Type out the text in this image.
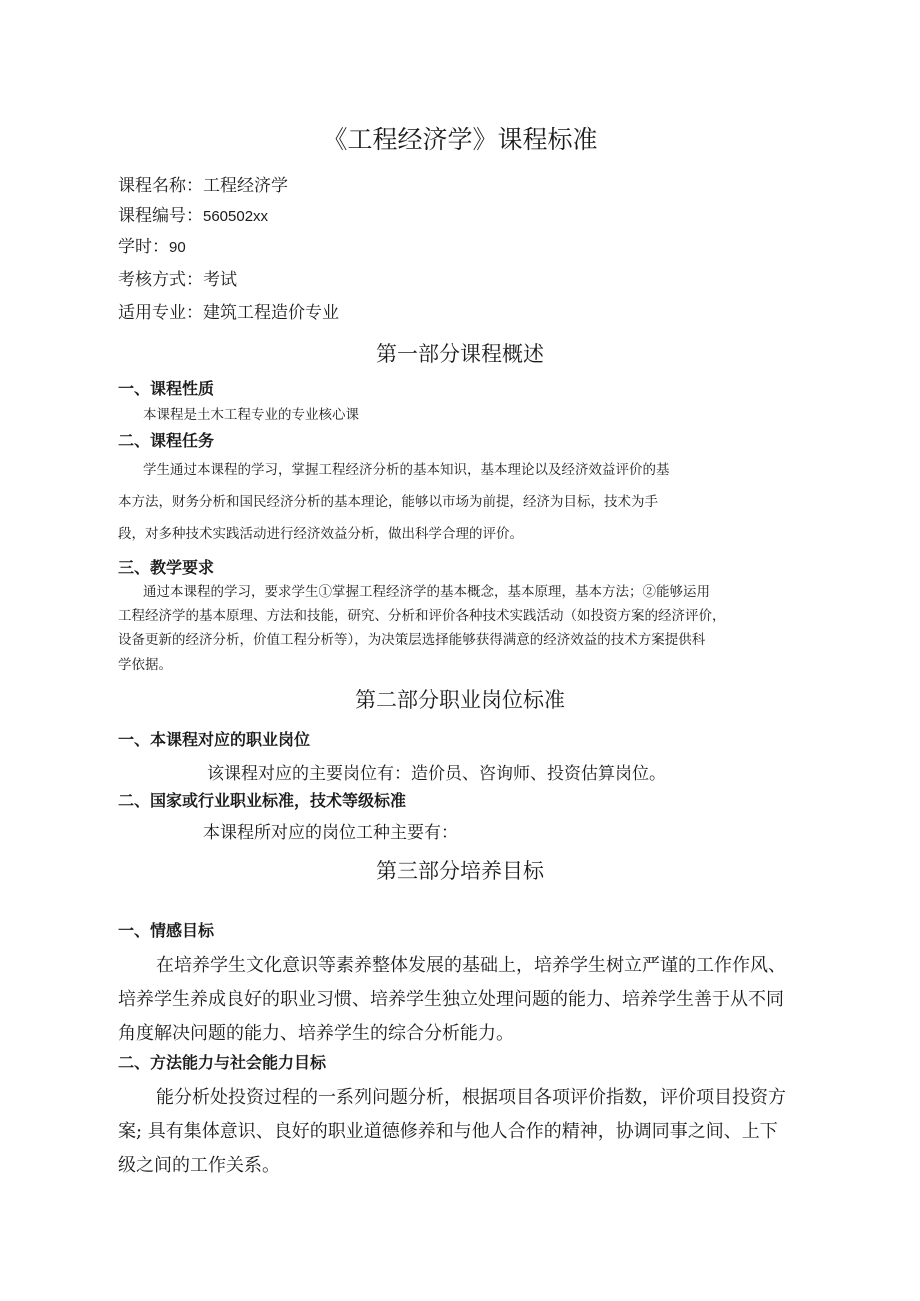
《工程经济学》课程标准
课程名称：工程经济学
课程编号：560502xx
学时：90
考核方式：考试
适用专业：建筑工程造价专业
第一部分课程概述
一、课程性质
本课程是土木工程专业的专业核心课
二、课程任务
学生通过本课程的学习，掌握工程经济分析的基本知识，基本理论以及经济效益评价的基
本方法，财务分析和国民经济分析的基本理论，能够以市场为前提，经济为目标，技术为手
段，对多种技术实践活动进行经济效益分析，做出科学合理的评价。
三、教学要求
通过本课程的学习，要求学生①掌握工程经济学的基本概念，基本原理，基本方法；②能够运用
工程经济学的基本原理、方法和技能，研究、分析和评价各种技术实践活动（如投资方案的经济评价，
设备更新的经济分析，价值工程分析等），为决策层选择能够获得满意的经济效益的技术方案提供科
学依据。
第二部分职业岗位标准
一、本课程对应的职业岗位
该课程对应的主要岗位有：造价员、咨询师、投资估算岗位。
二、国家或行业职业标准，技术等级标准
本课程所对应的岗位工种主要有：
第三部分培养目标
一、情感目标
在培养学生文化意识等素养整体发展的基础上，培养学生树立严谨的工作作风、
培养学生养成良好的职业习惯、培养学生独立处理问题的能力、培养学生善于从不同
角度解决问题的能力、培养学生的综合分析能力。
二、方法能力与社会能力目标
能分析处投资过程的一系列问题分析，根据项目各项评价指数，评价项目投资方
案; 具有集体意识、良好的职业道德修养和与他人合作的精神，协调同事之间、上下
级之间的工作关系。
